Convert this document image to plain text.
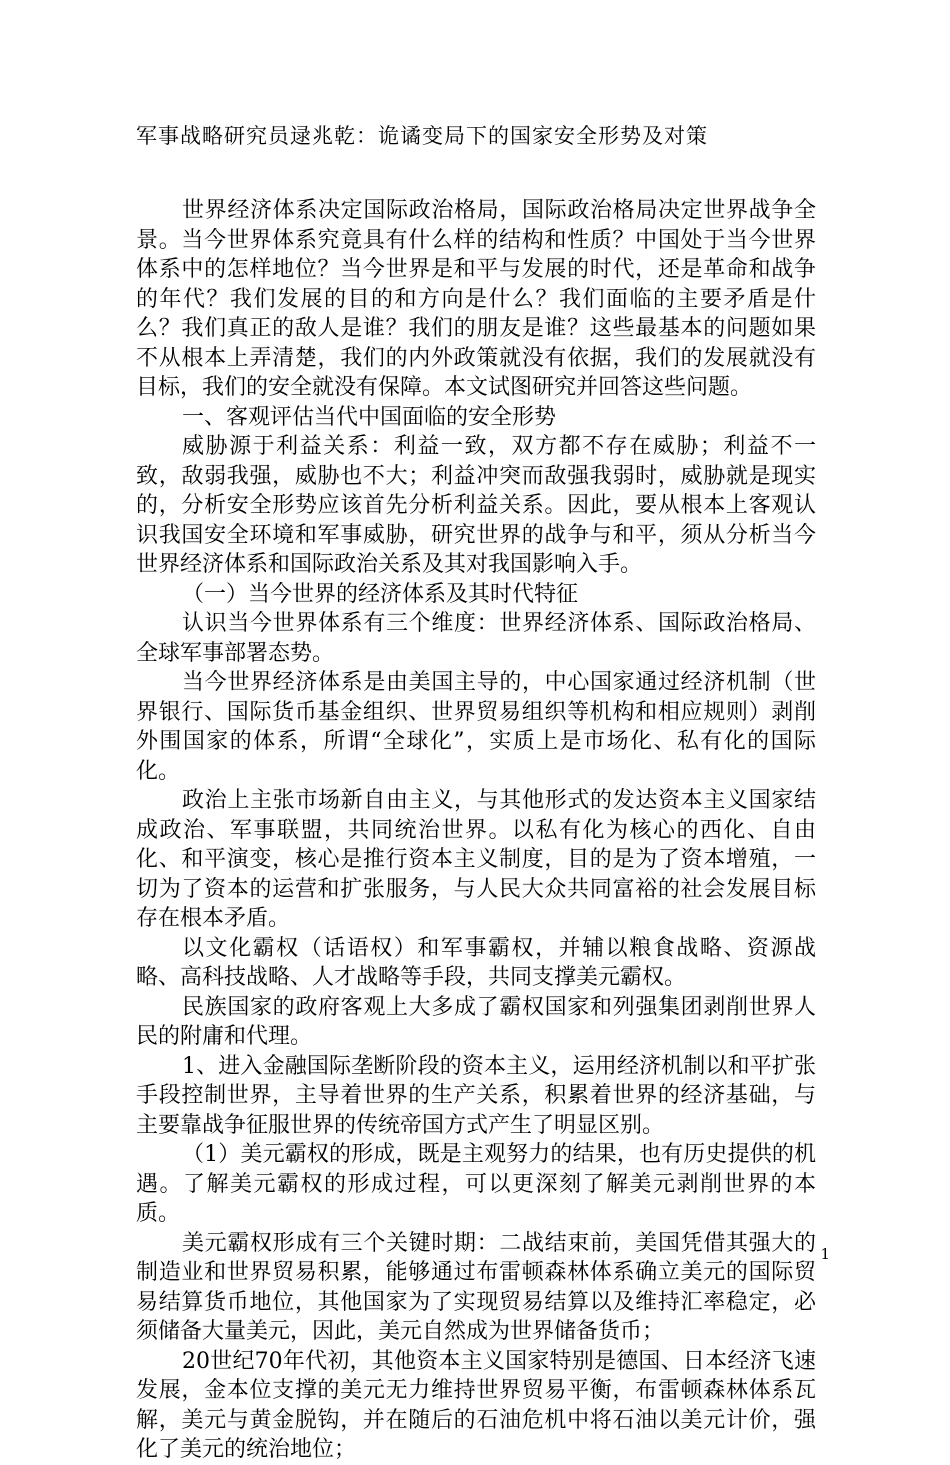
军事战略研究员逯兆乾：诡谲变局下的国家安全形势及对策

世界经济体系决定国际政治格局，国际政治格局决定世界战争全景。当今世界体系究竟具有什么样的结构和性质？中国处于当今世界体系中的怎样地位？当今世界是和平与发展的时代，还是革命和战争的年代？我们发展的目的和方向是什么？我们面临的主要矛盾是什么？我们真正的敌人是谁？我们的朋友是谁？这些最基本的问题如果不从根本上弄清楚，我们的内外政策就没有依据，我们的发展就没有目标，我们的安全就没有保障。本文试图研究并回答这些问题。

一、客观评估当代中国面临的安全形势

威胁源于利益关系：利益一致，双方都不存在威胁；利益不一致，敌弱我强，威胁也不大；利益冲突而敌强我弱时，威胁就是现实的，分析安全形势应该首先分析利益关系。因此，要从根本上客观认识我国安全环境和军事威胁，研究世界的战争与和平，须从分析当今世界经济体系和国际政治关系及其对我国影响入手。

（一）当今世界的经济体系及其时代特征

认识当今世界体系有三个维度：世界经济体系、国际政治格局、全球军事部署态势。

当今世界经济体系是由美国主导的，中心国家通过经济机制（世界银行、国际货币基金组织、世界贸易组织等机构和相应规则）剥削外围国家的体系，所谓“全球化”，实质上是市场化、私有化的国际化。

政治上主张市场新自由主义，与其他形式的发达资本主义国家结成政治、军事联盟，共同统治世界。以私有化为核心的西化、自由化、和平演变，核心是推行资本主义制度，目的是为了资本增殖，一切为了资本的运营和扩张服务，与人民大众共同富裕的社会发展目标存在根本矛盾。

以文化霸权（话语权）和军事霸权，并辅以粮食战略、资源战略、高科技战略、人才战略等手段，共同支撑美元霸权。

民族国家的政府客观上大多成了霸权国家和列强集团剥削世界人民的附庸和代理。

1、进入金融国际垄断阶段的资本主义，运用经济机制以和平扩张手段控制世界，主导着世界的生产关系，积累着世界的经济基础，与主要靠战争征服世界的传统帝国方式产生了明显区别。

（1）美元霸权的形成，既是主观努力的结果，也有历史提供的机遇。了解美元霸权的形成过程，可以更深刻了解美元剥削世界的本质。

美元霸权形成有三个关键时期：二战结束前，美国凭借其强大的制造业和世界贸易积累，能够通过布雷顿森林体系确立美元的国际贸易结算货币地位，其他国家为了实现贸易结算以及维持汇率稳定，必须储备大量美元，因此，美元自然成为世界储备货币；

20世纪70年代初，其他资本主义国家特别是德国、日本经济飞速发展，金本位支撑的美元无力维持世界贸易平衡，布雷顿森林体系瓦解，美元与黄金脱钩，并在随后的石油危机中将石油以美元计价，强化了美元的统治地位；

1
